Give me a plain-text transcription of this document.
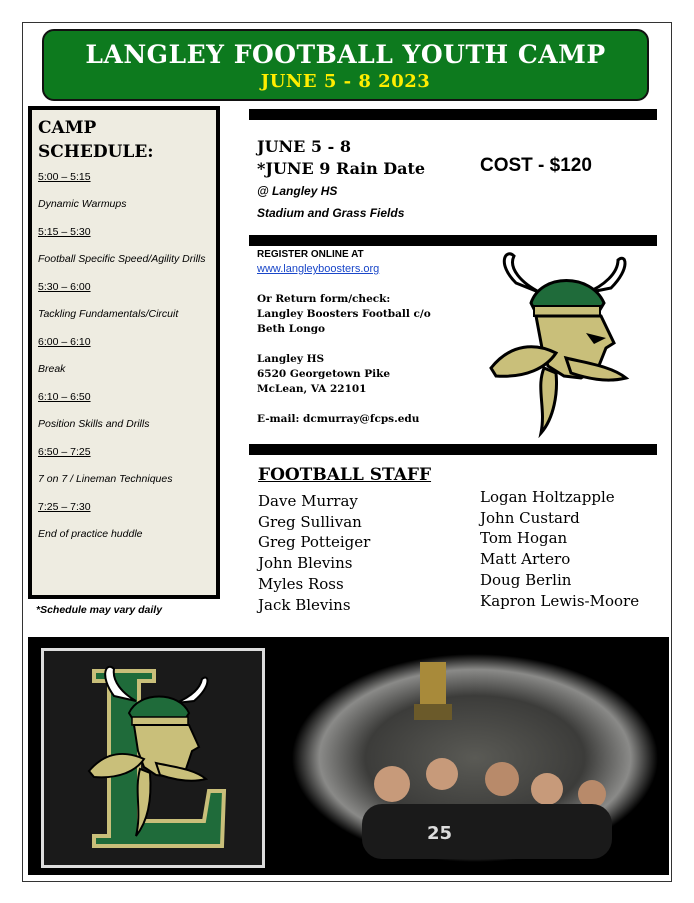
LANGLEY FOOTBALL YOUTH CAMP
JUNE 5 - 8 2023
CAMP
SCHEDULE:
5:00 – 5:15
Dynamic Warmups
5:15 – 5:30
Football Specific Speed/Agility Drills
5:30 – 6:00
Tackling Fundamentals/Circuit
6:00 – 6:10
Break
6:10 – 6:50
Position Skills and Drills
6:50 – 7:25
7 on 7 / Lineman Techniques
7:25 – 7:30
End of practice huddle
*Schedule may vary daily
JUNE 5 - 8
*JUNE 9 Rain Date
@ Langley HS
Stadium and Grass Fields
COST - $120
REGISTER ONLINE AT
www.langleyboosters.org
Or Return form/check:
Langley Boosters Football c/o
Beth Longo
Langley HS
6520 Georgetown Pike
McLean, VA 22101
E-mail: dcmurray@fcps.edu
FOOTBALL STAFF
Dave Murray
Greg Sullivan
Greg Potteiger
John Blevins
Myles Ross
Jack Blevins
Logan Holtzapple
John Custard
Tom Hogan
Matt Artero
Doug Berlin
Kapron Lewis-Moore
25
